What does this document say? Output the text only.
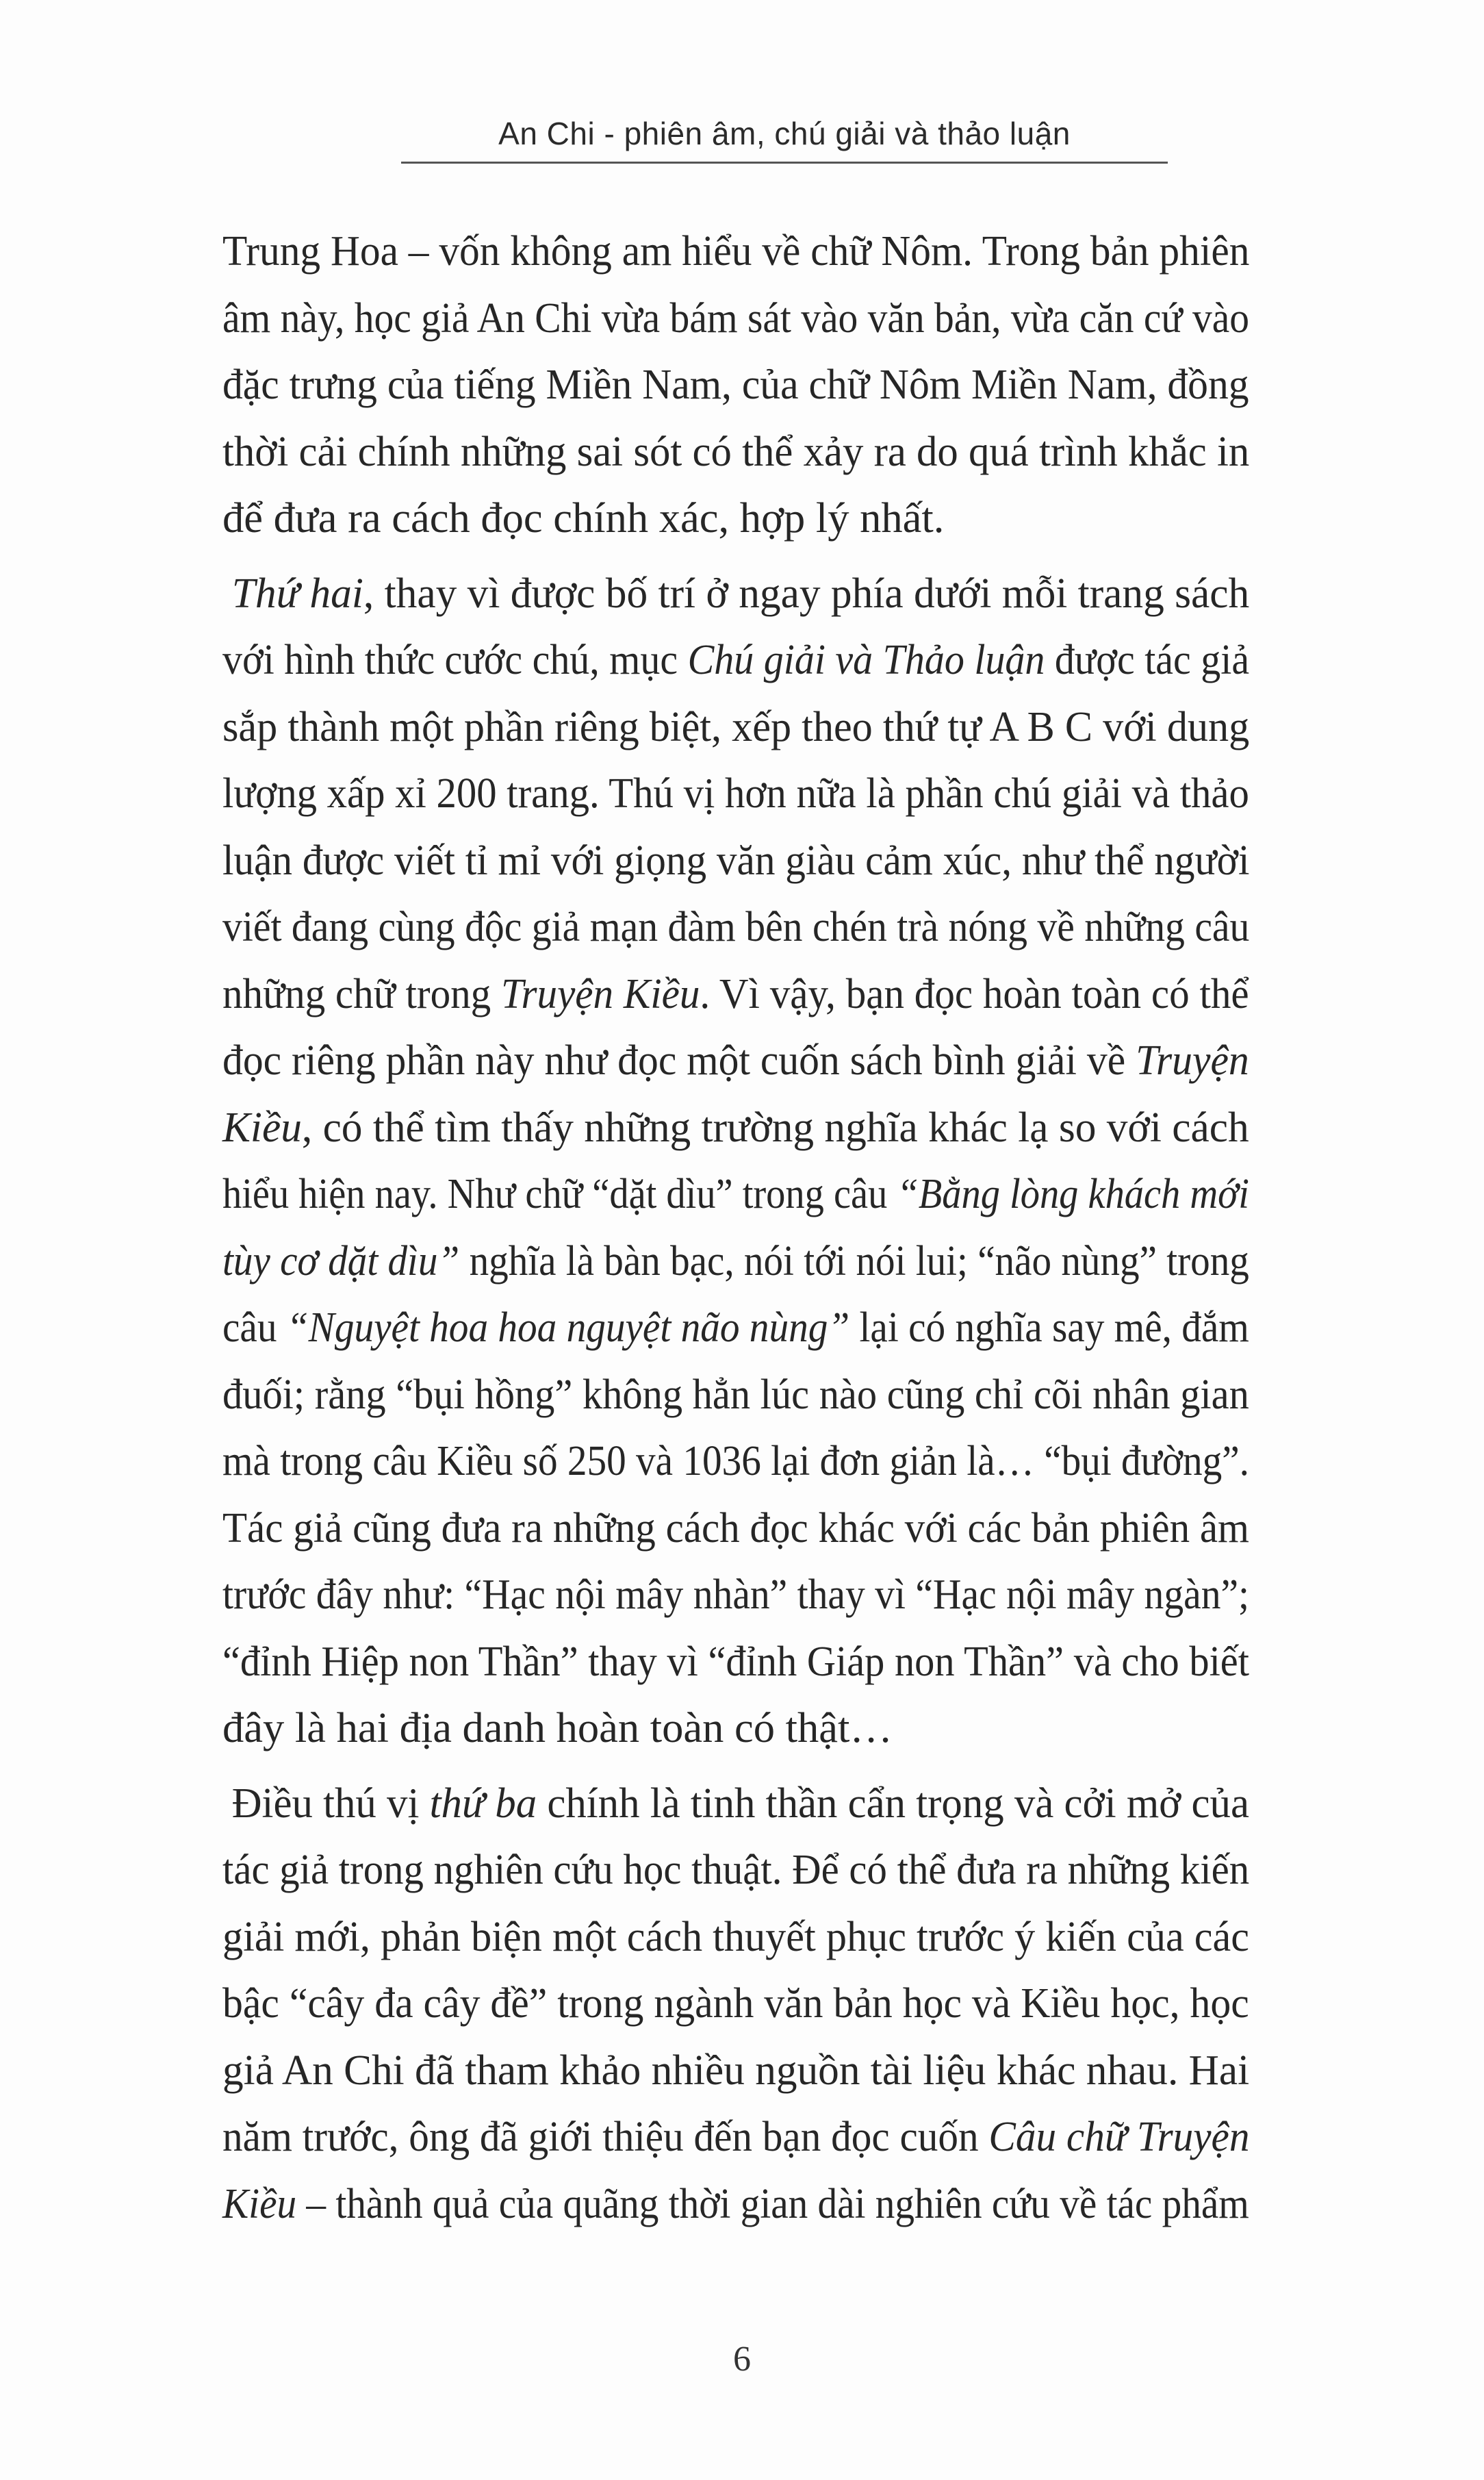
An Chi - phiên âm, chú giải và thảo luận
Trung Hoa – vốn không am hiểu về chữ Nôm. Trong bản phiên
âm này, học giả An Chi vừa bám sát vào văn bản, vừa căn cứ vào
đặc trưng của tiếng Miền Nam, của chữ Nôm Miền Nam, đồng
thời cải chính những sai sót có thể xảy ra do quá trình khắc in
để đưa ra cách đọc chính xác, hợp lý nhất.
Thứ hai, thay vì được bố trí ở ngay phía dưới mỗi trang sách
với hình thức cước chú, mục Chú giải và Thảo luận được tác giả
sắp thành một phần riêng biệt, xếp theo thứ tự A B C với dung
lượng xấp xỉ 200 trang. Thú vị hơn nữa là phần chú giải và thảo
luận được viết tỉ mỉ với giọng văn giàu cảm xúc, như thể người
viết đang cùng độc giả mạn đàm bên chén trà nóng về những câu
những chữ trong Truyện Kiều. Vì vậy, bạn đọc hoàn toàn có thể
đọc riêng phần này như đọc một cuốn sách bình giải về Truyện
Kiều, có thể tìm thấy những trường nghĩa khác lạ so với cách
hiểu hiện nay. Như chữ “dặt dìu” trong câu “Bằng lòng khách mới
tùy cơ dặt dìu” nghĩa là bàn bạc, nói tới nói lui; “não nùng” trong
câu “Nguyệt hoa hoa nguyệt não nùng” lại có nghĩa say mê, đắm
đuối; rằng “bụi hồng” không hẳn lúc nào cũng chỉ cõi nhân gian
mà trong câu Kiều số 250 và 1036 lại đơn giản là… “bụi đường”.
Tác giả cũng đưa ra những cách đọc khác với các bản phiên âm
trước đây như: “Hạc nội mây nhàn” thay vì “Hạc nội mây ngàn”;
“đỉnh Hiệp non Thần” thay vì “đỉnh Giáp non Thần” và cho biết
đây là hai địa danh hoàn toàn có thật…
Điều thú vị thứ ba chính là tinh thần cẩn trọng và cởi mở của
tác giả trong nghiên cứu học thuật. Để có thể đưa ra những kiến
giải mới, phản biện một cách thuyết phục trước ý kiến của các
bậc “cây đa cây đề” trong ngành văn bản học và Kiều học, học
giả An Chi đã tham khảo nhiều nguồn tài liệu khác nhau. Hai
năm trước, ông đã giới thiệu đến bạn đọc cuốn Câu chữ Truyện
Kiều – thành quả của quãng thời gian dài nghiên cứu về tác phẩm
6
